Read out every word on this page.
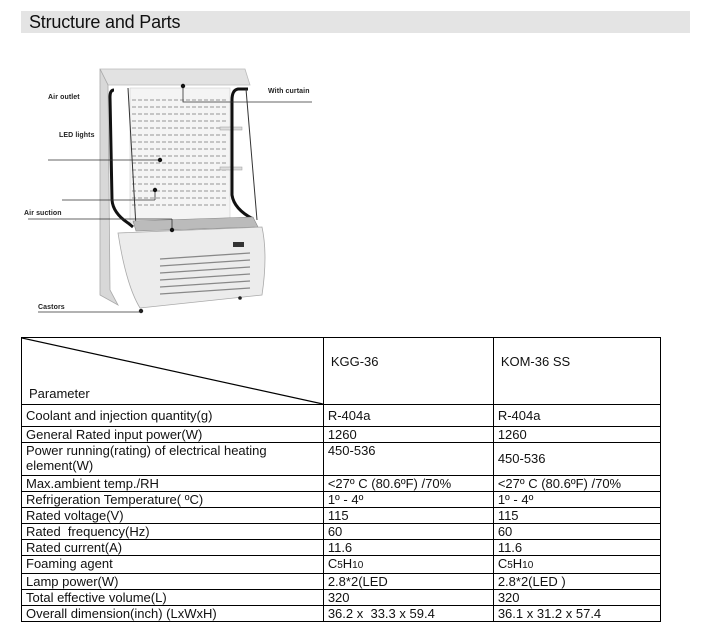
Structure and Parts
Air outlet
LED lights
Air suction
Castors
With curtain
Parameter	KGG-36	KOM-36 SS
Coolant and injection quantity(g)	R-404a	R-404a
General Rated input power(W)	1260	1260
Power running(rating) of electrical heating element(W)	450-536	450-536
Max.ambient temp./RH	<27º C (80.6ºF) /70%	<27º C (80.6ºF) /70%
Refrigeration Temperature( ºC)	1º - 4º	1º - 4º
Rated voltage(V)	115	115
Rated  frequency(Hz)	60	60
Rated current(A)	11.6	11.6
Foaming agent	C5H10	C5H10
Lamp power(W)	2.8*2(LED	2.8*2(LED )
Total effective volume(L)	320	320
Overall dimension(inch) (LxWxH)	36.2 x  33.3 x 59.4	36.1 x 31.2 x 57.4
